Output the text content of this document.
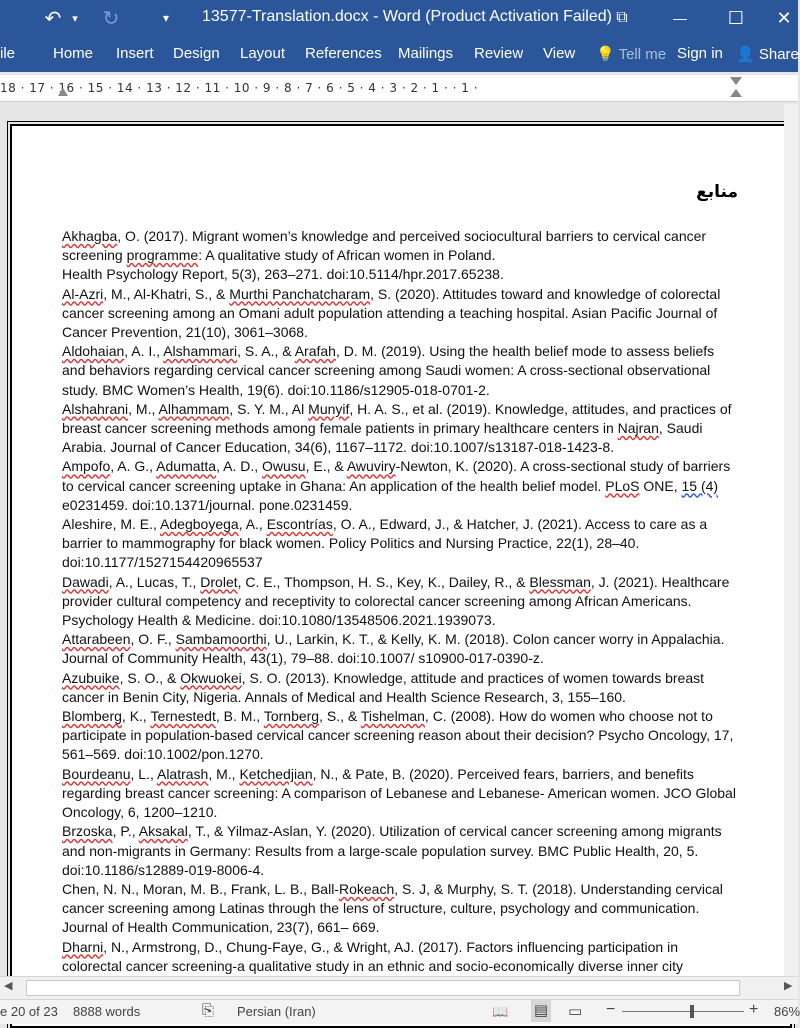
↶ ▾	↻	▾	13577-Translation.docx - Word (Product Activation Failed) ⧉	—	☐	✕
ile	Home Insert Design Layout References Mailings Review View 💡 Tell me Sign in 👤 Share
18 · 17 · 16 · 15 · 14 · 13 · 12 · 11 · 10 · 9 · 8 · 7 · 6 · 5 · 4 · 3 · 2 · 1 · · 1 ·
منابع

Akhagba, O. (2017). Migrant women’s knowledge and perceived sociocultural barriers to cervical cancer screening programme: A qualitative study of African women in Poland.

Health Psychology Report, 5(3), 263–271. doi:10.5114/hpr.2017.65238.

Al-Azri, M., Al-Khatri, S., & Murthi Panchatcharam, S. (2020). Attitudes toward and knowledge of colorectal cancer screening among an Omani adult population attending a teaching hospital. Asian Pacific Journal of Cancer Prevention, 21(10), 3061–3068.

Aldohaian, A. I., Alshammari, S. A., & Arafah, D. M. (2019). Using the health belief mode to assess beliefs and behaviors regarding cervical cancer screening among Saudi women: A cross-sectional observational study. BMC Women’s Health, 19(6). doi:10.1186/s12905-018-0701-2.

Alshahrani, M., Alhammam, S. Y. M., Al Munyif, H. A. S., et al. (2019). Knowledge, attitudes, and practices of breast cancer screening methods among female patients in primary healthcare centers in Najran, Saudi Arabia. Journal of Cancer Education, 34(6), 1167–1172. doi:10.1007/s13187-018-1423-8.

Ampofo, A. G., Adumatta, A. D., Owusu, E., & Awuviry-Newton, K. (2020). A cross-sectional study of barriers to cervical cancer screening uptake in Ghana: An application of the health belief model. PLoS ONE, 15 (4) e0231459. doi:10.1371/journal. pone.0231459.

Aleshire, M. E., Adegboyega, A., Escontrías, O. A., Edward, J., & Hatcher, J. (2021). Access to care as a barrier to mammography for black women. Policy Politics and Nursing Practice, 22(1), 28–40. doi:10.1177/1527154420965537

Dawadi, A., Lucas, T., Drolet, C. E., Thompson, H. S., Key, K., Dailey, R., & Blessman, J. (2021). Healthcare provider cultural competency and receptivity to colorectal cancer screening among African Americans. Psychology Health & Medicine. doi:10.1080/13548506.2021.1939073.

Attarabeen, O. F., Sambamoorthi, U., Larkin, K. T., & Kelly, K. M. (2018). Colon cancer worry in Appalachia. Journal of Community Health, 43(1), 79–88. doi:10.1007/ s10900-017-0390-z.

Azubuike, S. O., & Okwuokei, S. O. (2013). Knowledge, attitude and practices of women towards breast cancer in Benin City, Nigeria. Annals of Medical and Health Science Research, 3, 155–160.

Blomberg, K., Ternestedt, B. M., Tornberg, S., & Tishelman, C. (2008). How do women who choose not to participate in population-based cervical cancer screening reason about their decision? Psycho Oncology, 17, 561–569. doi:10.1002/pon.1270.

Bourdeanu, L., Alatrash, M., Ketchedjian, N., & Pate, B. (2020). Perceived fears, barriers, and benefits regarding breast cancer screening: A comparison of Lebanese and Lebanese- American women. JCO Global Oncology, 6, 1200–1210.

Brzoska, P., Aksakal, T., & Yilmaz-Aslan, Y. (2020). Utilization of cervical cancer screening among migrants and non-migrants in Germany: Results from a large-scale population survey. BMC Public Health, 20, 5. doi:10.1186/s12889-019-8006-4.

Chen, N. N., Moran, M. B., Frank, L. B., Ball-Rokeach, S. J, & Murphy, S. T. (2018). Understanding cervical cancer screening among Latinas through the lens of structure, culture, psychology and communication. Journal of Health Communication, 23(7), 661– 669.

Dharni, N., Armstrong, D., Chung-Faye, G., & Wright, AJ. (2017). Factors influencing participation in colorectal cancer screening-a qualitative study in an ethnic and socio-economically diverse inner city

◀	▶
e 20 of 23 8888 words	⎘ Persian (Iran)	📖 ▤ ▭ −	+ 86%
